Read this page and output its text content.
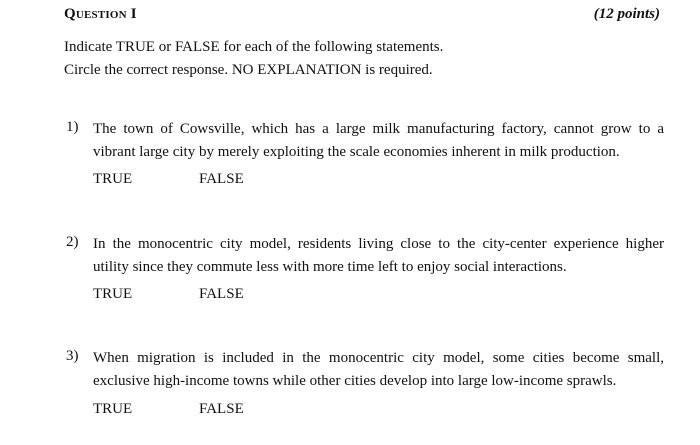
Question I	(12 points)
Indicate TRUE or FALSE for each of the following statements.
Circle the correct response. NO EXPLANATION is required.
1) The town of Cowsville, which has a large milk manufacturing factory, cannot grow to a
vibrant large city by merely exploiting the scale economies inherent in milk production.
TRUE	FALSE
2) In the monocentric city model, residents living close to the city-center experience higher
utility since they commute less with more time left to enjoy social interactions.
TRUE	FALSE
3) When migration is included in the monocentric city model, some cities become small,
exclusive high-income towns while other cities develop into large low-income sprawls.
TRUE	FALSE
